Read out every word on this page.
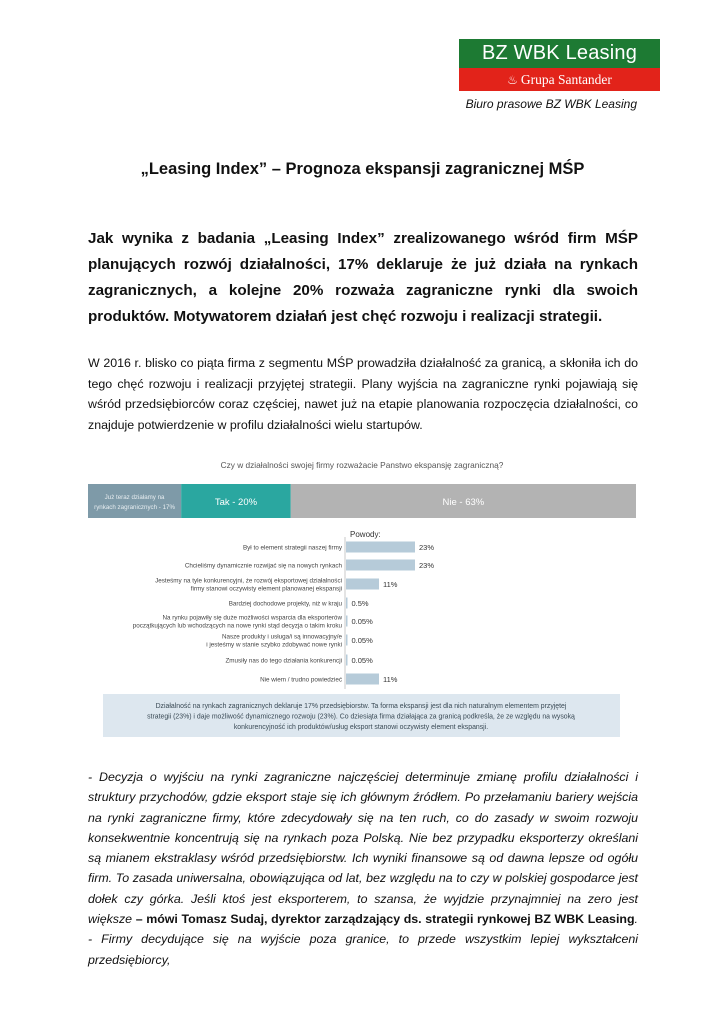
BZ WBK Leasing
♨ Grupa Santander
Biuro prasowe BZ WBK Leasing
„Leasing Index” – Prognoza ekspansji zagranicznej MŚP
Jak wynika z badania „Leasing Index” zrealizowanego wśród firm MŚP planujących rozwój działalności, 17% deklaruje że już działa na rynkach zagranicznych, a kolejne 20% rozważa zagraniczne rynki dla swoich produktów. Motywatorem działań jest chęć rozwoju i realizacji strategii.
W 2016 r. blisko co piąta firma z segmentu MŚP prowadziła działalność za granicą, a skłoniła ich do tego chęć rozwoju i realizacji przyjętej strategii. Plany wyjścia na zagraniczne rynki pojawiają się wśród przedsiębiorców coraz częściej, nawet już na etapie planowania rozpoczęcia działalności, co znajduje potwierdzenie w profilu działalności wielu startupów.
Czy w działalności swojej firmy rozważacie Panstwo ekspansję zagraniczną?
Już teraz działamy na
rynkach zagranicznych - 17%	Tak - 20%	Nie - 63%
Powody:
Był to element strategii naszej firmy	23%
Chcieliśmy dynamicznie rozwijać się na nowych rynkach	23%
Jesteśmy na tyle konkurencyjni, że rozwój eksportowej działalności
firmy stanowi oczywisty element planowanej ekspansji
11%
Bardziej dochodowe projekty, niż w kraju 0.5%
Na rynku pojawiły się duże możliwości wsparcia dla eksporterów
początkujących lub wchodzących na nowe rynki stąd decyzja o takim kroku
0.05%
Nasze produkty i usługa/i są innowacyjny/e
i jesteśmy w stanie szybko zdobywać nowe rynki
0.05%
Zmusiły nas do tego działania konkurencji 0.05%
Nie wiem / trudno powiedzieć	11%
Działalność na rynkach zagranicznych deklaruje 17% przedsiębiorstw. Ta forma ekspansji jest dla nich naturalnym elementem przyjętej
strategii (23%) i daje możliwość dynamicznego rozwoju (23%). Co dziesiąta firma działająca za granicą podkreśla, że ze względu na wysoką
konkurencyjność ich produktów/usług eksport stanowi oczywisty element ekspansji.
- Decyzja o wyjściu na rynki zagraniczne najczęściej determinuje zmianę profilu działalności i struktury przychodów, gdzie eksport staje się ich głównym źródłem. Po przełamaniu bariery wejścia na rynki zagraniczne firmy, które zdecydowały się na ten ruch, co do zasady w swoim rozwoju konsekwentnie koncentrują się na rynkach poza Polską. Nie bez przypadku eksporterzy określani są mianem ekstraklasy wśród przedsiębiorstw. Ich wyniki finansowe są od dawna lepsze od ogółu firm. To zasada uniwersalna, obowiązująca od lat, bez względu na to czy w polskiej gospodarce jest dołek czy górka. Jeśli ktoś jest eksporterem, to szansa, że wyjdzie przynajmniej na zero jest większe – mówi Tomasz Sudaj, dyrektor zarządzający ds. strategii rynkowej BZ WBK Leasing. - Firmy decydujące się na wyjście poza granice, to przede wszystkim lepiej wykształceni przedsiębiorcy,
